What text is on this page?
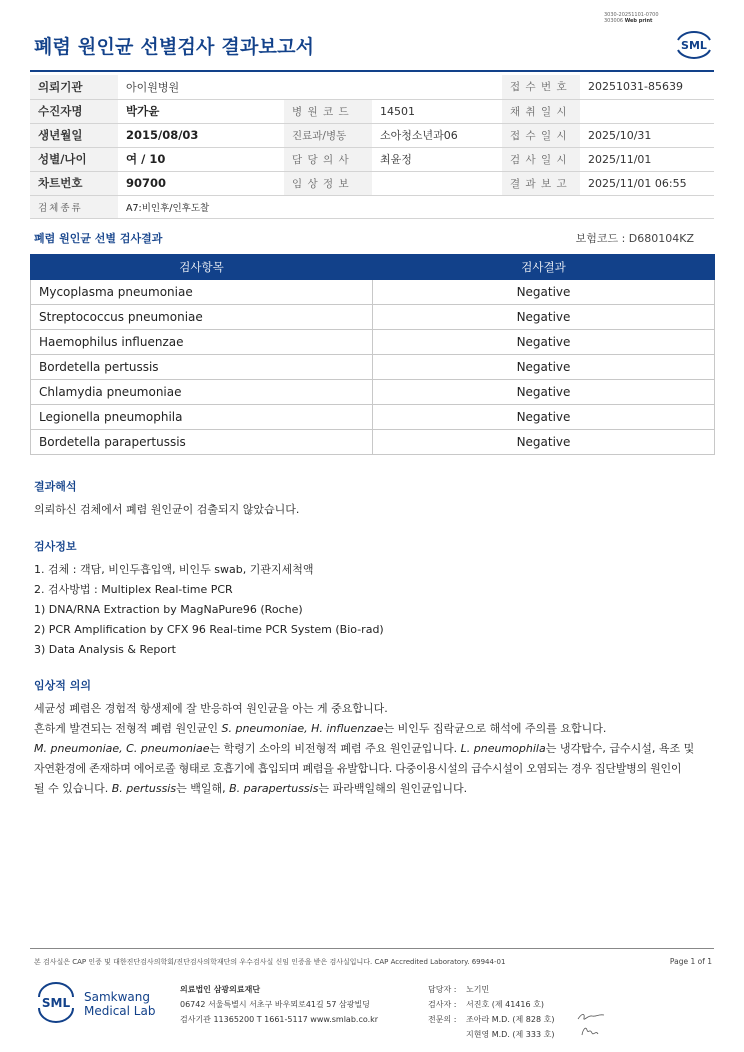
3030-20251101-0700
303006 Web print
폐렴 원인균 선별검사 결과보고서	SML
의뢰기관	아이원병원			접 수 번 호	20251031-85639
수진자명	박가윤	병 원 코 드	14501	채 취 일 시	
생년월일	2015/08/03	진료과/병동	소아청소년과06	접 수 일 시	2025/10/31
성별/나이	여 / 10	담 당 의 사	최윤정	검 사 일 시	2025/11/01
차트번호	90700	임 상 정 보		결 과 보 고	2025/11/01 06:55
검체종류	A7:비인후/인후도찰				
폐렴 원인균 선별 검사결과	보험코드 : D680104KZ
검사항목	검사결과
Mycoplasma pneumoniae	Negative
Streptococcus pneumoniae	Negative
Haemophilus influenzae	Negative
Bordetella pertussis	Negative
Chlamydia pneumoniae	Negative
Legionella pneumophila	Negative
Bordetella parapertussis	Negative
결과해석
의뢰하신 검체에서 폐렴 원인균이 검출되지 않았습니다.
검사정보
1. 검체 : 객담, 비인두흡입액, 비인두 swab, 기관지세척액
2. 검사방법 : Multiplex Real-time PCR
1) DNA/RNA Extraction by MagNaPure96 (Roche)
2) PCR Amplification by CFX 96 Real-time PCR System (Bio-rad)
3) Data Analysis & Report
임상적 의의
세균성 폐렴은 경험적 항생제에 잘 반응하여 원인균을 아는 게 중요합니다.
흔하게 발견되는 전형적 폐렴 원인균인 S. pneumoniae, H. influenzae는 비인두 집락균으로 해석에 주의를 요합니다.
M. pneumoniae, C. pneumoniae는 학령기 소아의 비전형적 폐렴 주요 원인균입니다. L. pneumophila는 냉각탑수, 급수시설, 욕조 및
자연환경에 존재하며 에어로졸 형태로 호흡기에 흡입되며 폐렴을 유발합니다. 다중이용시설의 급수시설이 오염되는 경우 집단발병의 원인이
될 수 있습니다. B. pertussis는 백일해, B. parapertussis는 파라백일해의 원인균입니다.
본 검사실은 CAP 인증 및 대한진단검사의학회/진단검사의학재단의 우수검사실 신임 인증을 받은 검사실입니다. CAP Accredited Laboratory. 69944-01	Page 1 of 1
SML Samkwang
Medical Lab
의료법인 삼광의료재단
06742 서울특별시 서초구 바우뫼로41길 57 삼광빌딩
검사기관 11365200 T 1661-5117 www.smlab.co.kr
담당자 :	노기민
검사자 :	서진호 (제 41416 호)
전문의 :	조아라 M.D. (제 828 호)
지현영 M.D. (제 333 호)
